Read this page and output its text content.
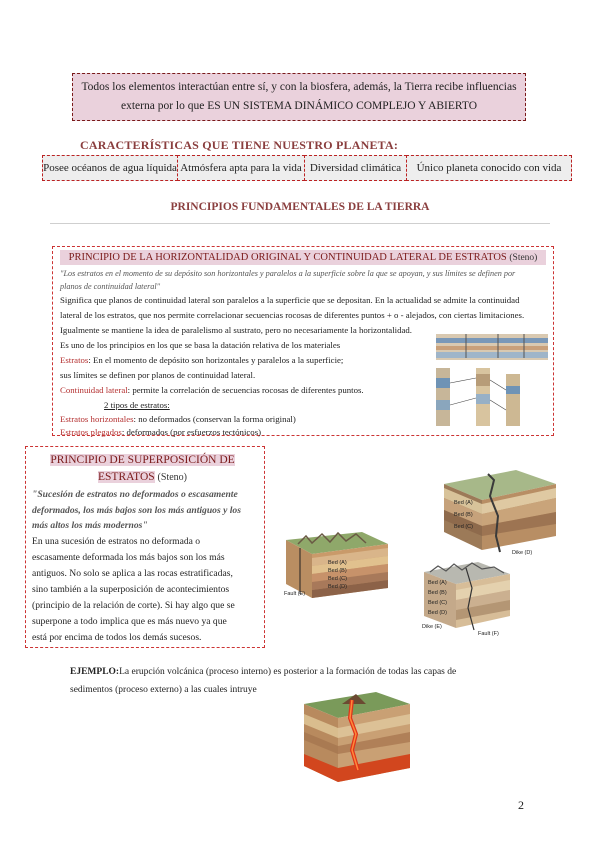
Todos los elementos interactúan entre sí, y con la biosfera, además, la Tierra recibe influencias
externa por lo que ES UN SISTEMA DINÁMICO COMPLEJO Y ABIERTO
CARACTERÍSTICAS QUE TIENE NUESTRO PLANETA:
Posee océanos de agua líquida Atmósfera apta para la vida Diversidad climática	Único planeta conocido con vida
PRINCIPIOS FUNDAMENTALES DE LA TIERRA
PRINCIPIO DE LA HORIZONTALIDAD ORIGINAL Y CONTINUIDAD LATERAL DE ESTRATOS (Steno)
"Los estratos en el momento de su depósito son horizontales y paralelos a la superficie sobre la que se apoyan, y sus límites se definen por
planos de continuidad lateral"
Significa que planos de continuidad lateral son paralelos a la superficie que se depositan. En la actualidad se admite la continuidad
lateral de los estratos, que nos permite correlacionar secuencias rocosas de diferentes puntos + o - alejados, con ciertas limitaciones.
Igualmente se mantiene la idea de paralelismo al sustrato, pero no necesariamente la horizontalidad.
Es uno de los principios en los que se basa la datación relativa de los materiales
Estratos: En el momento de depósito son horizontales y paralelos a la superficie;
sus límites se definen por planos de continuidad lateral.
Continuidad lateral: permite la correlación de secuencias rocosas de diferentes puntos.
2 tipos de estratos:
Estratos horizontales: no deformados (conservan la forma original)
Estratos plegados: deformados (por esfuerzos tectónicos)
PRINCIPIO DE SUPERPOSICIÓN DE
ESTRATOS (Steno)
"Sucesión de estratos no deformados o escasamente
deformados, los más bajos son los más antiguos y los
más altos los más modernos"
En una sucesión de estratos no deformada o
escasamente deformada los más bajos son los más
antiguos. No solo se aplica a las rocas estratificadas,
sino también a la superposición de acontecimientos
(principio de la relación de corte). Si hay algo que se
superpone a todo implica que es más nuevo ya que
está por encima de todos los demás sucesos.
Bed (A)
Bed (B)
Bed (C)
Bed (D)
Fault (E)
Bed (A)
Bed (B)
Bed (C)
Dike (D)
Bed (A)
Bed (B)
Bed (C)
Bed (D)
Dike (E)
Fault (F)
EJEMPLO:La erupción volcánica (proceso interno) es posterior a la formación de todas las capas de
sedimentos (proceso externo) a las cuales intruye
2
